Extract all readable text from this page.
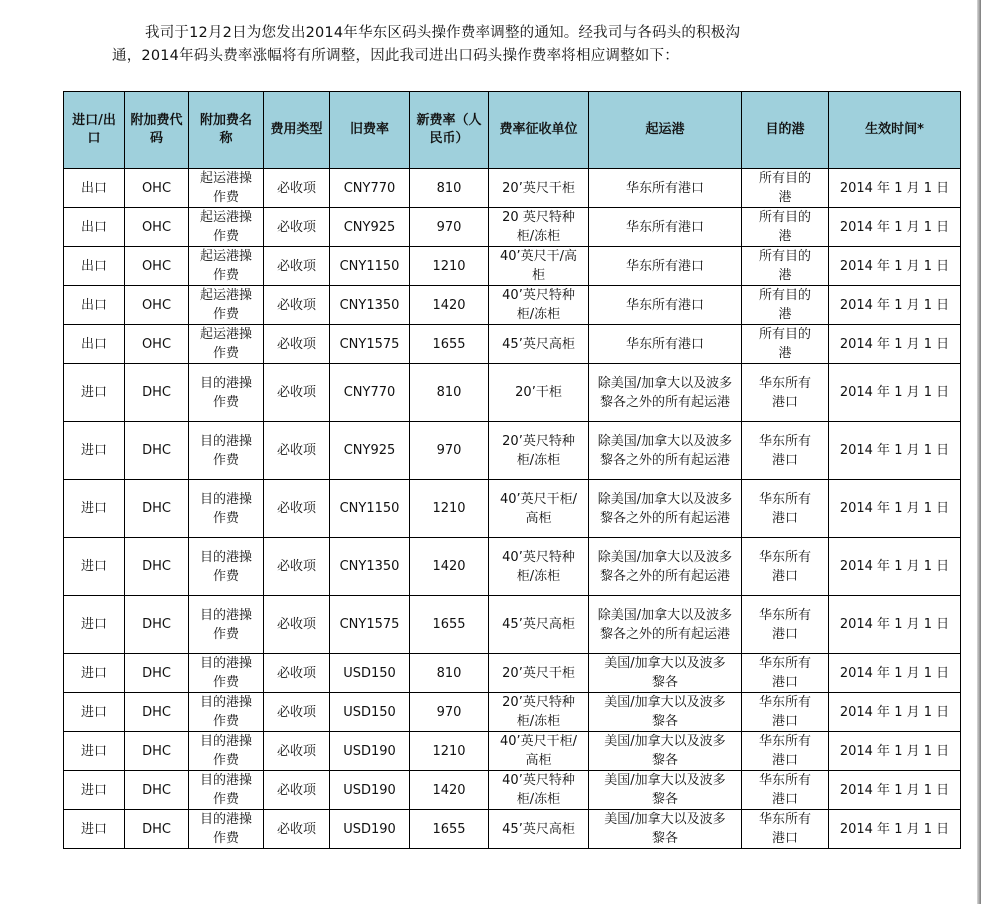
我司于12月2日为您发出2014年华东区码头操作费率调整的通知。经我司与各码头的积极沟
通，2014年码头费率涨幅将有所调整，因此我司进出口码头操作费率将相应调整如下：
进口/出口	附加费代码	附加费名称	费用类型	旧费率	新费率（人民币）	费率征收单位	起运港	目的港	生效时间*
出口	OHC	起运港操作费	必收项	CNY770	810	20’英尺干柜	华东所有港口	所有目的港	2014 年 1 月 1 日
出口	OHC	起运港操作费	必收项	CNY925	970	20 英尺特种柜/冻柜	华东所有港口	所有目的港	2014 年 1 月 1 日
出口	OHC	起运港操作费	必收项	CNY1150	1210	40’英尺干/高柜	华东所有港口	所有目的港	2014 年 1 月 1 日
出口	OHC	起运港操作费	必收项	CNY1350	1420	40’英尺特种柜/冻柜	华东所有港口	所有目的港	2014 年 1 月 1 日
出口	OHC	起运港操作费	必收项	CNY1575	1655	45’英尺高柜	华东所有港口	所有目的港	2014 年 1 月 1 日
进口	DHC	目的港操作费	必收项	CNY770	810	20’干柜	除美国/加拿大以及波多黎各之外的所有起运港	华东所有港口	2014 年 1 月 1 日
进口	DHC	目的港操作费	必收项	CNY925	970	20’英尺特种柜/冻柜	除美国/加拿大以及波多黎各之外的所有起运港	华东所有港口	2014 年 1 月 1 日
进口	DHC	目的港操作费	必收项	CNY1150	1210	40’英尺干柜/高柜	除美国/加拿大以及波多黎各之外的所有起运港	华东所有港口	2014 年 1 月 1 日
进口	DHC	目的港操作费	必收项	CNY1350	1420	40’英尺特种柜/冻柜	除美国/加拿大以及波多黎各之外的所有起运港	华东所有港口	2014 年 1 月 1 日
进口	DHC	目的港操作费	必收项	CNY1575	1655	45’英尺高柜	除美国/加拿大以及波多黎各之外的所有起运港	华东所有港口	2014 年 1 月 1 日
进口	DHC	目的港操作费	必收项	USD150	810	20’英尺干柜	美国/加拿大以及波多黎各	华东所有港口	2014 年 1 月 1 日
进口	DHC	目的港操作费	必收项	USD150	970	20’英尺特种柜/冻柜	美国/加拿大以及波多黎各	华东所有港口	2014 年 1 月 1 日
进口	DHC	目的港操作费	必收项	USD190	1210	40’英尺干柜/高柜	美国/加拿大以及波多黎各	华东所有港口	2014 年 1 月 1 日
进口	DHC	目的港操作费	必收项	USD190	1420	40’英尺特种柜/冻柜	美国/加拿大以及波多黎各	华东所有港口	2014 年 1 月 1 日
进口	DHC	目的港操作费	必收项	USD190	1655	45’英尺高柜	美国/加拿大以及波多黎各	华东所有港口	2014 年 1 月 1 日
